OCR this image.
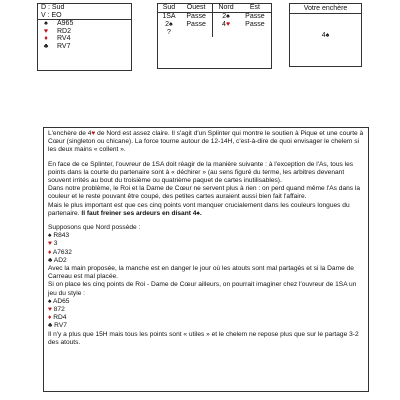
D : Sud
V : EO
♠ A965
♥ RD2
♦ RV4
♣ RV7
Sud	Ouest	Nord	Est
1SA	Passe	2♠	Passe
2♠	Passe	4♥	Passe
?			
Votre enchère
4♠

L'enchère de 4♥ de Nord est assez claire. Il s'agit d'un Splinter qui montre le soutien à Pique et une courte à Cœur (singleton ou chicane). La force tourne autour de 12-14H, c'est-à-dire de quoi envisager le chelem si les deux mains « collent ».

En face de ce Splinter, l'ouvreur de 1SA doit réagir de la manière suivante : à l'exception de l'As, tous les points dans la courte du partenaire sont à « déchirer » (au sens figuré du terme, les arbitres devenant souvent irrités au bout du troisième ou quatrième paquet de cartes inutilisables).

Dans notre problème, le Roi et la Dame de Cœur ne servent plus à rien : on perd quand même l'As dans la couleur et le reste pouvant être coupé, des petites cartes auraient aussi bien fait l'affaire.

Mais le plus important est que ces cinq points vont manquer crucialement dans les couleurs longues du partenaire. Il faut freiner ses ardeurs en disant 4♠.

Supposons que Nord possède :

♠ R843
♥ 3
♦ A7632
♣ AD2

Avec la main proposée, la manche est en danger le jour où les atouts sont mal partagés et si la Dame de Carreau est mal placée.

Si on place les cinq points de Roi - Dame de Cœur ailleurs, on pourrait imaginer chez l'ouvreur de 1SA un jeu du style :

♠ AD65
♥ 872
♦ RD4
♣ RV7

Il n'y a plus que 15H mais tous les points sont « utiles » et le chelem ne repose plus que sur le partage 3-2 des atouts.
